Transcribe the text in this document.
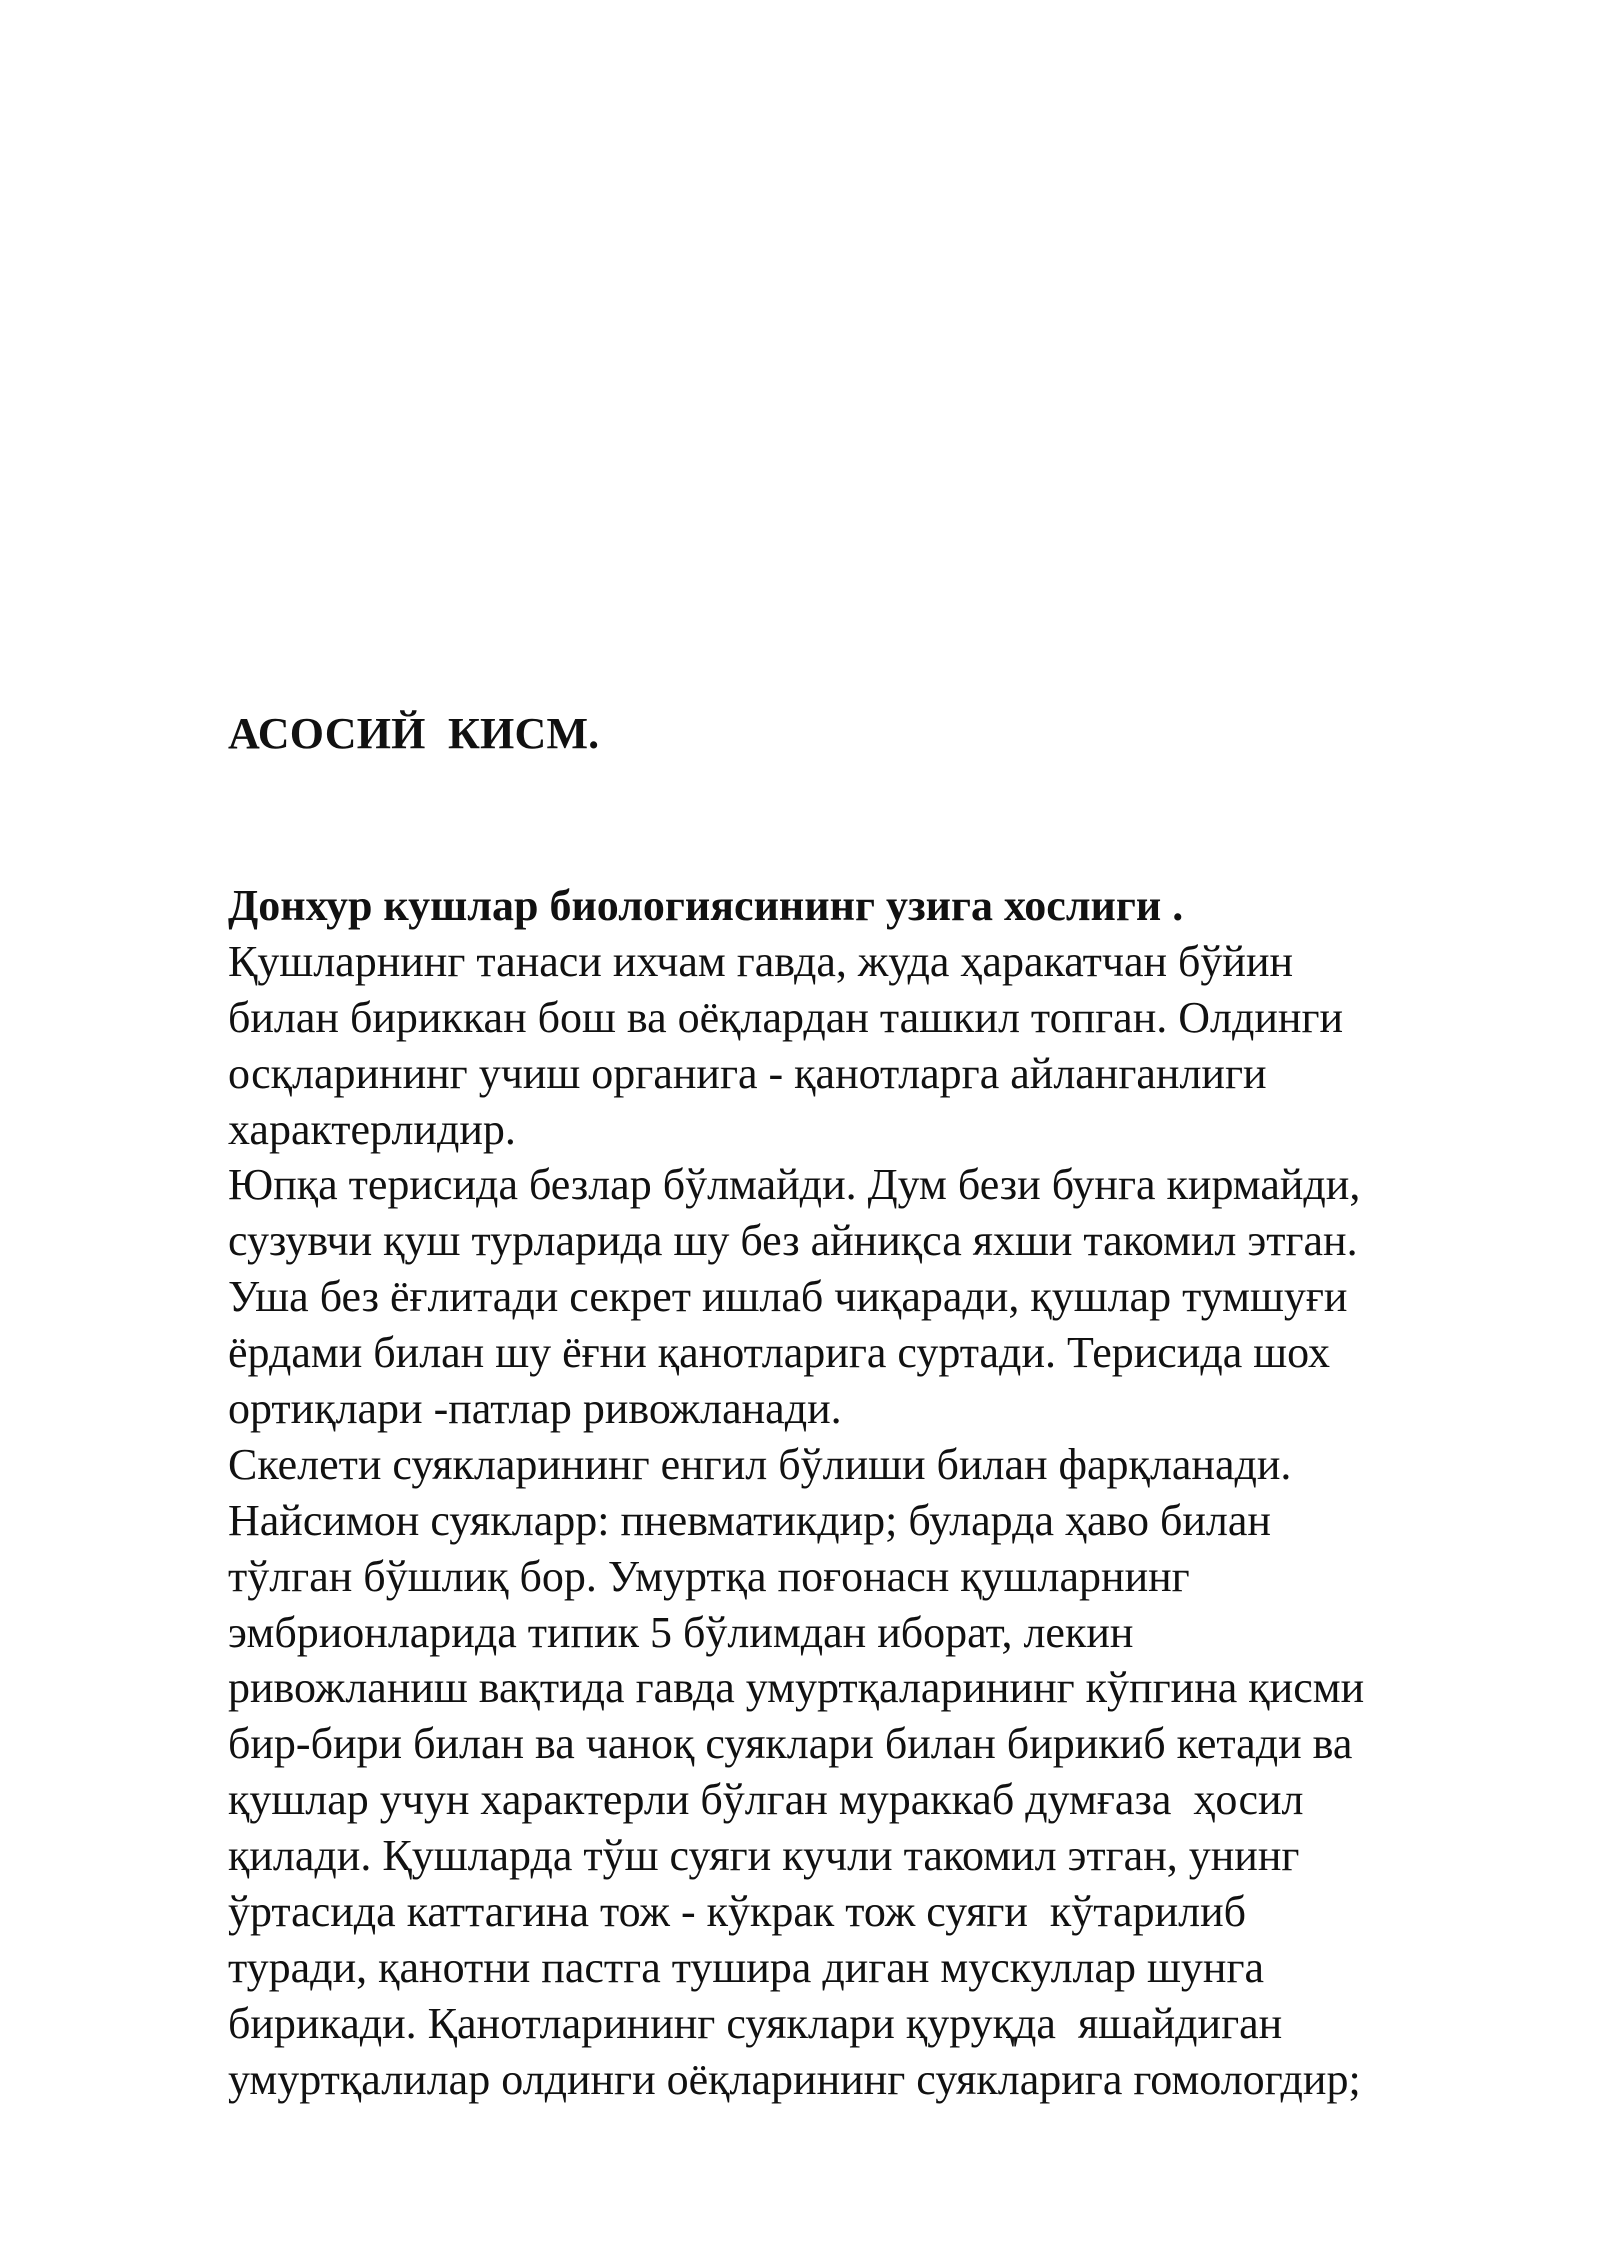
АСОСИЙ  КИСМ.
Донхур кушлар биологиясининг узига хослиги .
Қушларнинг танаси ихчам гавда, жуда ҳаракатчан бўйин
билан бириккан бош ва оёқлардан ташкил топган. Олдинги
осқларининг учиш органига - қанотларга айланганлиги
характерлидир.
Юпқа терисида безлар бўлмайди. Дум бези бунга кирмайди,
сузувчи қуш турларида шу без айниқса яхши такомил этган.
Уша без ёғлитади секрет ишлаб чиқаради, қушлар тумшуғи
ёрдами билан шу ёғни қанотларига суртади. Терисида шох
ортиқлари -патлар ривожланади.
Скелети суякларининг енгил бўлиши билан фарқланади.
Найсимон суякларр: пневматикдир; буларда ҳаво билан
тўлган бўшлиқ бор. Умуртқа поғонасн қушларнинг
эмбрионларида типик 5 бўлимдан иборат, лекин
ривожланиш вақтида гавда умуртқаларининг кўпгина қисми
бир-бири билан ва чаноқ суяклари билан бирикиб кетади ва
қушлар учун характерли бўлган мураккаб думғаза  ҳосил
қилади. Қушларда тўш суяги кучли такомил этган, унинг
ўртасида каттагина тож - кўкрак тож суяги  кўтарилиб
туради, қанотни пастга тушира диган мускуллар шунга
бирикади. Қанотларининг суяклари қуруқда  яшайдиган
умуртқалилар олдинги оёқларининг суякларига гомологдир;
